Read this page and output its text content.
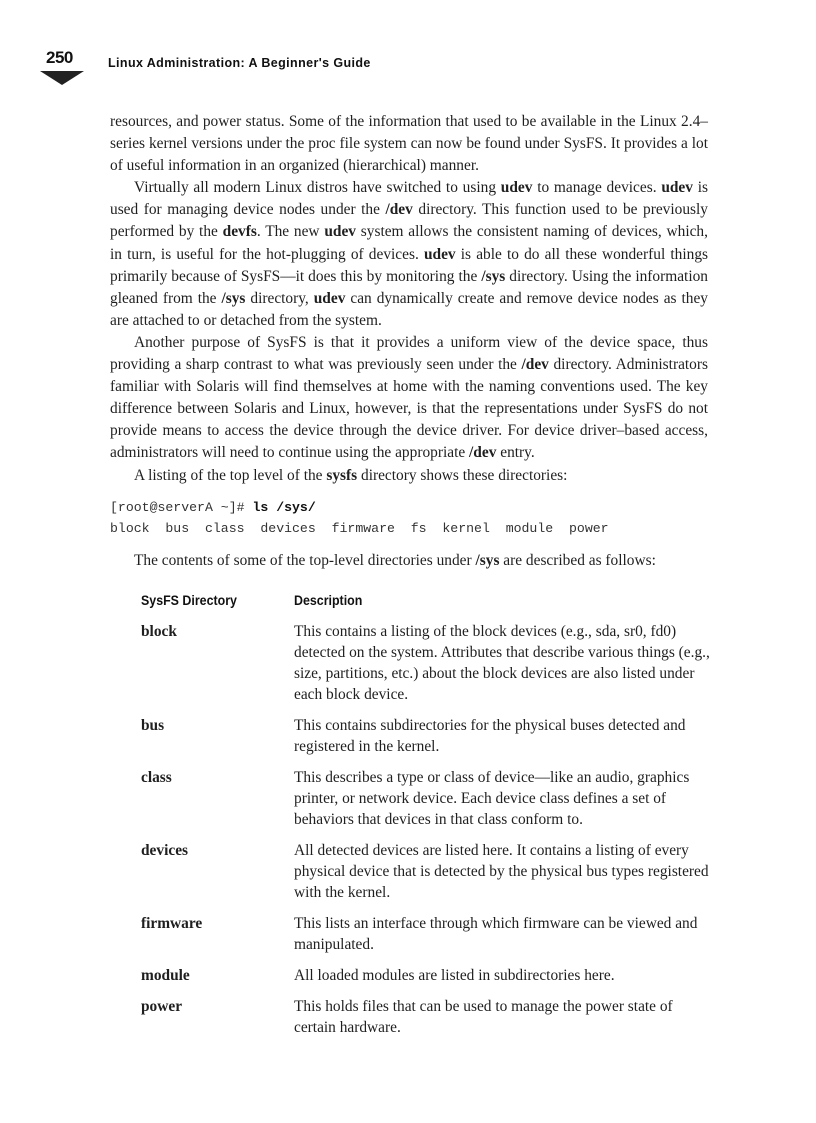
250	Linux Administration: A Beginner's Guide

resources, and power status. Some of the information that used to be available in the Linux 2.4–series kernel versions under the proc file system can now be found under SysFS. It provides a lot of useful information in an organized (hierarchical) manner.

Virtually all modern Linux distros have switched to using udev to manage devices. udev is used for managing device nodes under the /dev directory. This function used to be previously performed by the devfs. The new udev system allows the consistent naming of devices, which, in turn, is useful for the hot-plugging of devices. udev is able to do all these wonderful things primarily because of SysFS—it does this by monitoring the /sys directory. Using the information gleaned from the /sys directory, udev can dynamically create and remove device nodes as they are attached to or detached from the system.

Another purpose of SysFS is that it provides a uniform view of the device space, thus providing a sharp contrast to what was previously seen under the /dev directory. Administrators familiar with Solaris will find themselves at home with the naming conventions used. The key difference between Solaris and Linux, however, is that the representations under SysFS do not provide means to access the device through the device driver. For device driver–based access, administrators will need to continue using the appropriate /dev entry.

A listing of the top level of the sysfs directory shows these directories:

[root@serverA ~]# ls /sys/
block  bus  class  devices  firmware  fs  kernel  module  power
The contents of some of the top-level directories under /sys are described as follows:
SysFS Directory	Description
block	This contains a listing of the block devices (e.g., sda, sr0, fd0) detected on the system. Attributes that describe various things (e.g., size, partitions, etc.) about the block devices are also listed under each block device.
bus	This contains subdirectories for the physical buses detected and registered in the kernel.
class	This describes a type or class of device—like an audio, graphics printer, or network device. Each device class defines a set of behaviors that devices in that class conform to.
devices	All detected devices are listed here. It contains a listing of every physical device that is detected by the physical bus types registered with the kernel.
firmware	This lists an interface through which firmware can be viewed and manipulated.
module	All loaded modules are listed in subdirectories here.
power	This holds files that can be used to manage the power state of certain hardware.
